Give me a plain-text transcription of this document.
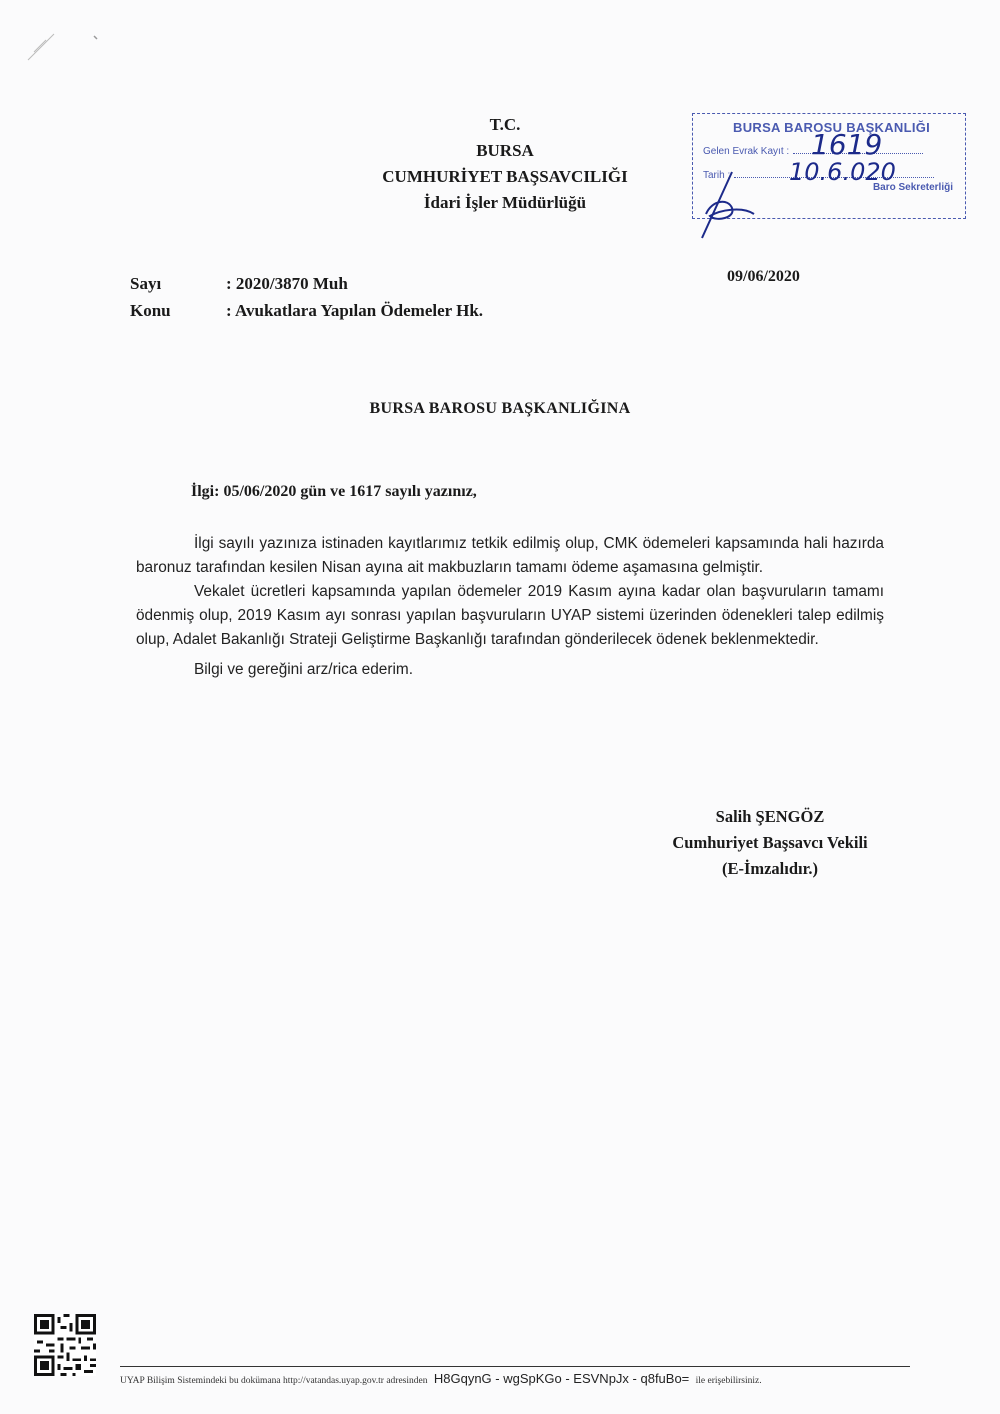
T.C.
BURSA
CUMHURİYET BAŞSAVCILIĞI
İdari İşler Müdürlüğü
BURSA BAROSU BAŞKANLIĞI
Gelen Evrak Kayıt : 1619
Tarih :	10.6.020
Baro Sekreterliği
Sayı	: 2020/3870 Muh
Konu	: Avukatlara Yapılan Ödemeler Hk.
09/06/2020
BURSA BAROSU BAŞKANLIĞINA
İlgi: 05/06/2020 gün ve 1617 sayılı yazınız,

İlgi sayılı yazınıza istinaden kayıtlarımız tetkik edilmiş olup, CMK ödemeleri kapsamında hali hazırda baronuz tarafından kesilen Nisan ayına ait makbuzların tamamı ödeme aşamasına gelmiştir.

Vekalet ücretleri kapsamında yapılan ödemeler 2019 Kasım ayına kadar olan başvuruların tamamı ödenmiş olup, 2019 Kasım ayı sonrası yapılan başvuruların UYAP sistemi üzerinden ödenekleri talep edilmiş olup, Adalet Bakanlığı Strateji Geliştirme Başkanlığı tarafından gönderilecek ödenek beklenmektedir.

Bilgi ve gereğini arz/rica ederim.

Salih ŞENGÖZ
Cumhuriyet Başsavcı Vekili
(E-İmzalıdır.)
UYAP Bilişim Sistemindeki bu dokümana http://vatandas.uyap.gov.tr adresinden H8GqynG - wgSpKGo - ESVNpJx - q8fuBo= ile erişebilirsiniz.
